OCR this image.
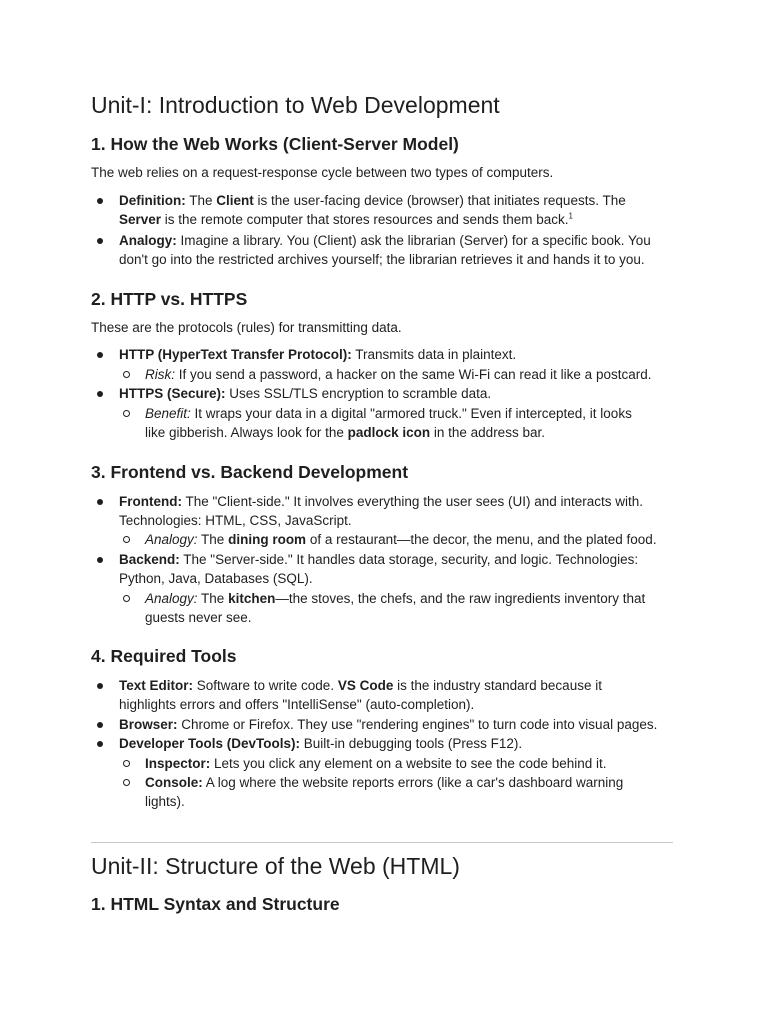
Unit-I: Introduction to Web Development
1. How the Web Works (Client-Server Model)
The web relies on a request-response cycle between two types of computers.
Definition: The Client is the user-facing device (browser) that initiates requests. The
Server is the remote computer that stores resources and sends them back.$^1$
Analogy: Imagine a library. You (Client) ask the librarian (Server) for a specific book. You
don't go into the restricted archives yourself; the librarian retrieves it and hands it to you.
2. HTTP vs. HTTPS
These are the protocols (rules) for transmitting data.
HTTP (HyperText Transfer Protocol): Transmits data in plaintext.
Risk: If you send a password, a hacker on the same Wi-Fi can read it like a postcard.
HTTPS (Secure): Uses SSL/TLS encryption to scramble data.
Benefit: It wraps your data in a digital "armored truck." Even if intercepted, it looks
like gibberish. Always look for the padlock icon in the address bar.
3. Frontend vs. Backend Development
Frontend: The "Client-side." It involves everything the user sees (UI) and interacts with.
Technologies: HTML, CSS, JavaScript.
Analogy: The dining room of a restaurant—the decor, the menu, and the plated food.
Backend: The "Server-side." It handles data storage, security, and logic. Technologies:
Python, Java, Databases (SQL).
Analogy: The kitchen—the stoves, the chefs, and the raw ingredients inventory that
guests never see.
4. Required Tools
Text Editor: Software to write code. VS Code is the industry standard because it
highlights errors and offers "IntelliSense" (auto-completion).
Browser: Chrome or Firefox. They use "rendering engines" to turn code into visual pages.
Developer Tools (DevTools): Built-in debugging tools (Press F12).
Inspector: Lets you click any element on a website to see the code behind it.
Console: A log where the website reports errors (like a car's dashboard warning
lights).
Unit-II: Structure of the Web (HTML)
1. HTML Syntax and Structure
